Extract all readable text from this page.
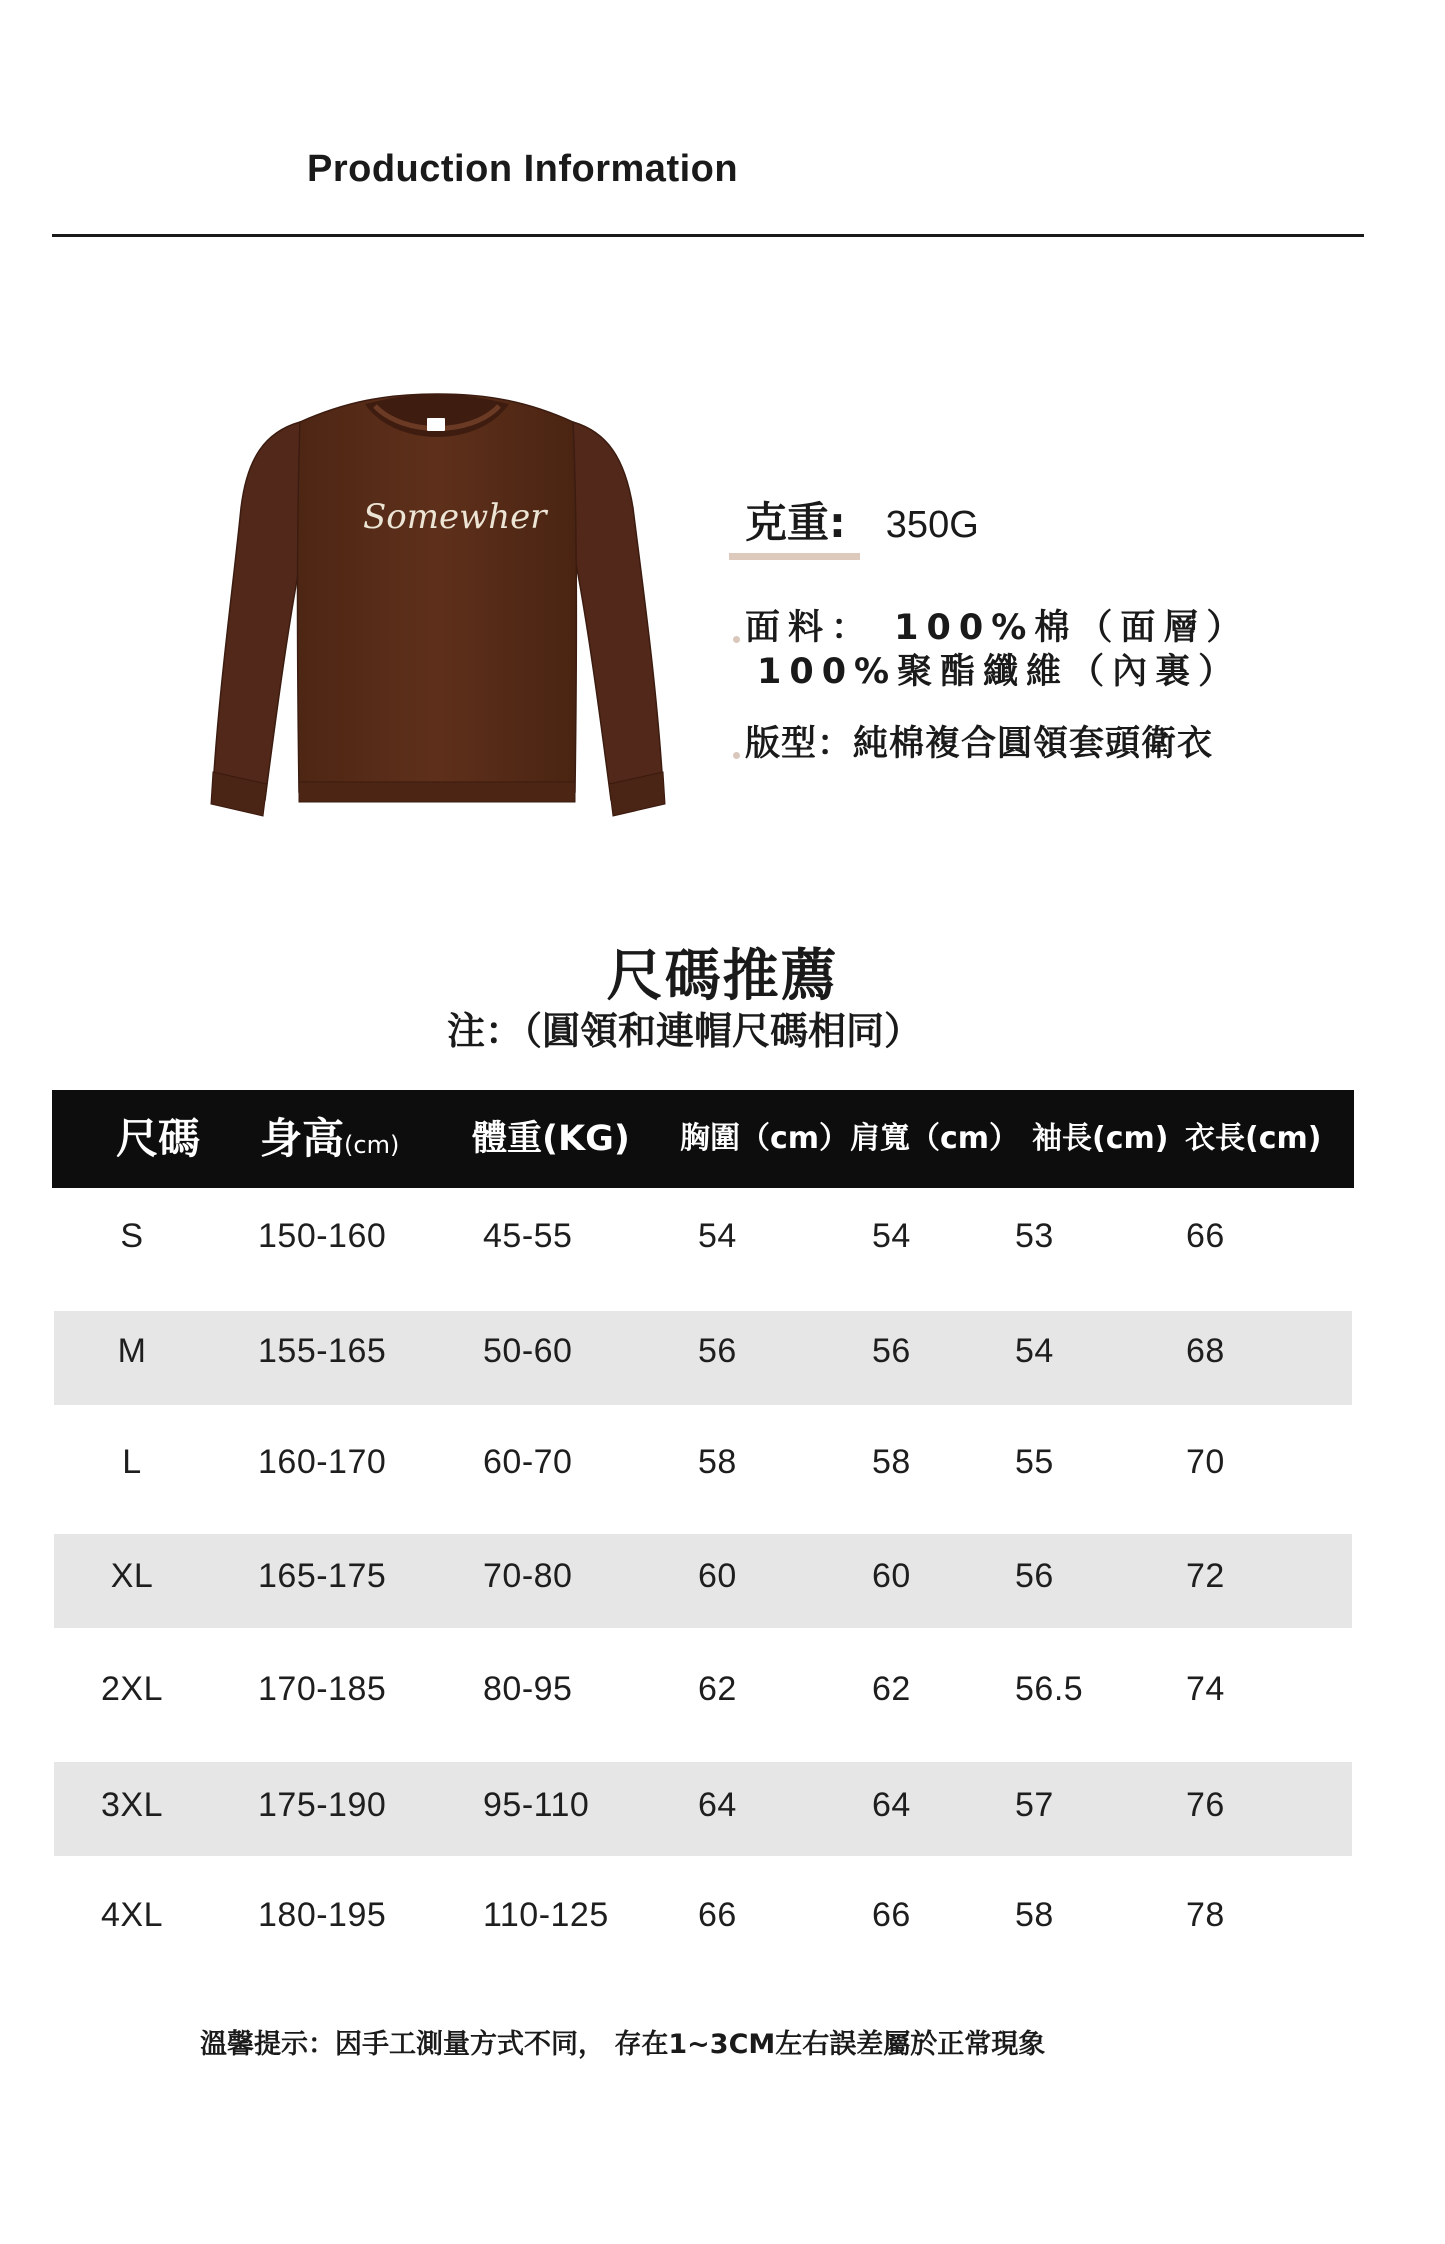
Production Information
Somewher	克重: 350G
面料： 100%棉（面層）
100%聚酯纖維（內裏）
版型：純棉複合圓領套頭衛衣
尺碼推薦
注：（圓領和連帽尺碼相同）
尺碼 身高(cm) 體重(KG) 胸圍（cm） 肩寬（cm） 袖長(cm) 衣長(cm)
S	150-160	45-55	54	54	53	66
M	155-165	50-60	56	56	54	68
L	160-170	60-70	58	58	55	70
XL	165-175	70-80	60	60	56	72
2XL	170-185	80-95	62	62	56.5	74
3XL	175-190	95-110	64	64	57	76
4XL	180-195	110-125	66	66	58	78
溫馨提示：因手工測量方式不同， 存在1~3CM左右誤差屬於正常現象
